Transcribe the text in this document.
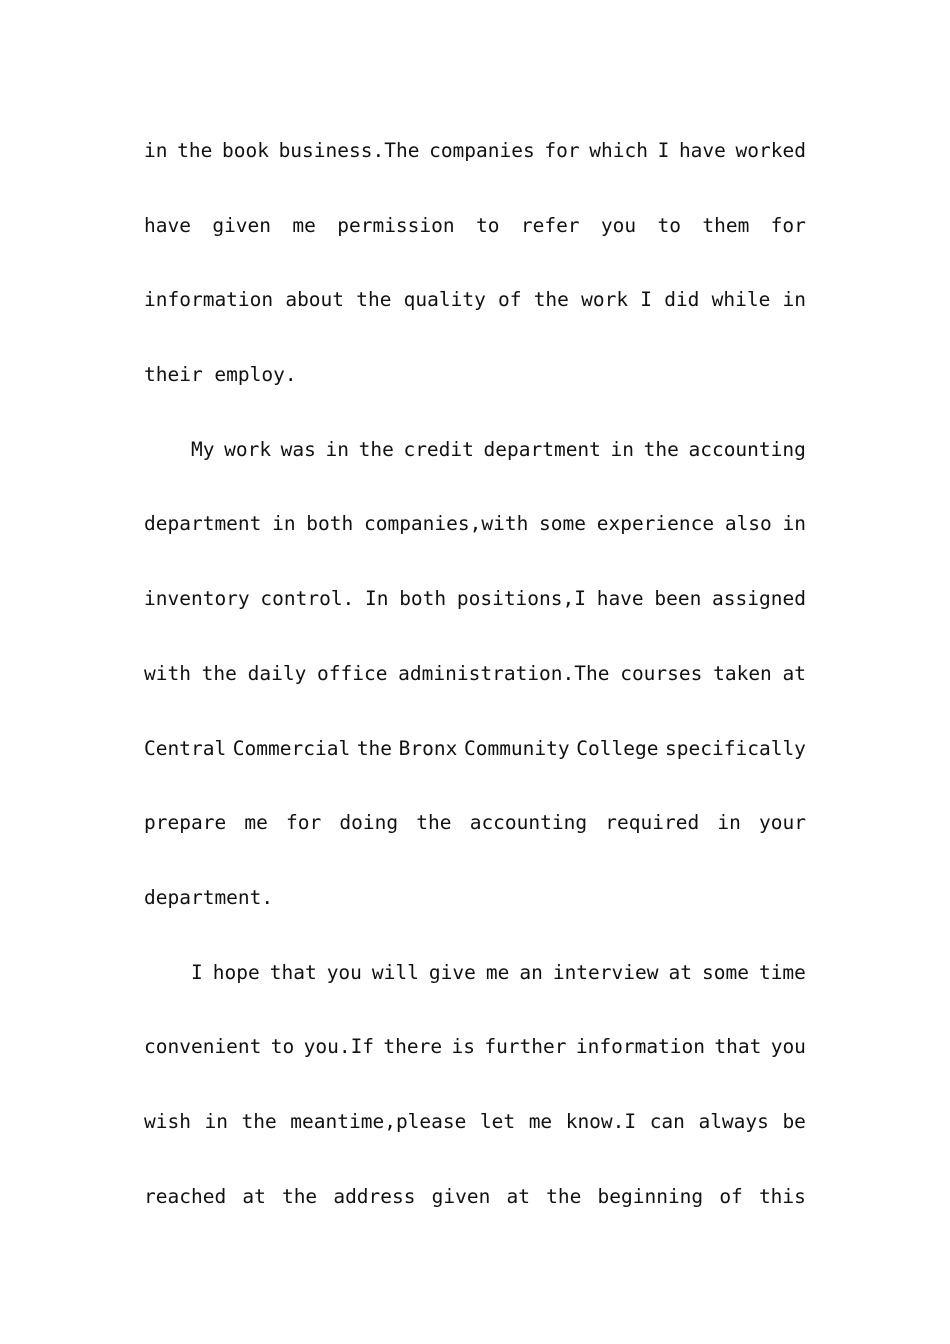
in the book business.The companies for which I have worked
have given me permission to refer you to them for
information about the quality of the work I did while in
their employ.
My work was in the credit department in the accounting
department in both companies,with some experience also in
inventory control. In both positions,I have been assigned
with the daily office administration.The courses taken at
Central Commercial the Bronx Community College specifically
prepare me for doing the accounting required in your
department.
I hope that you will give me an interview at some time
convenient to you.If there is further information that you
wish in the meantime,please let me know.I can always be
reached at the address given at the beginning of this
